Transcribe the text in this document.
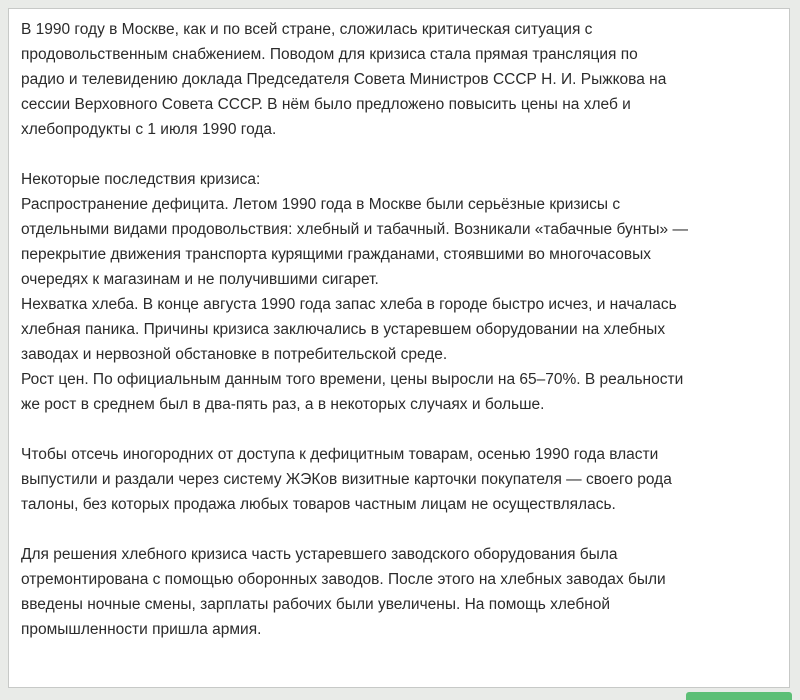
В 1990 году в Москве, как и по всей стране, сложилась критическая ситуация с
продовольственным снабжением. Поводом для кризиса стала прямая трансляция по
радио и телевидению доклада Председателя Совета Министров СССР Н. И. Рыжкова на
сессии Верховного Совета СССР. В нём было предложено повысить цены на хлеб и
хлебопродукты с 1 июля 1990 года.
Некоторые последствия кризиса:
Распространение дефицита. Летом 1990 года в Москве были серьёзные кризисы с
отдельными видами продовольствия: хлебный и табачный. Возникали «табачные бунты» —
перекрытие движения транспорта курящими гражданами, стоявшими во многочасовых
очередях к магазинам и не получившими сигарет.
Нехватка хлеба. В конце августа 1990 года запас хлеба в городе быстро исчез, и началась
хлебная паника. Причины кризиса заключались в устаревшем оборудовании на хлебных
заводах и нервозной обстановке в потребительской среде.
Рост цен. По официальным данным того времени, цены выросли на 65–70%. В реальности
же рост в среднем был в два-пять раз, а в некоторых случаях и больше.
Чтобы отсечь иногородних от доступа к дефицитным товарам, осенью 1990 года власти
выпустили и раздали через систему ЖЭКов визитные карточки покупателя — своего рода
талоны, без которых продажа любых товаров частным лицам не осуществлялась.
Для решения хлебного кризиса часть устаревшего заводского оборудования была
отремонтирована с помощью оборонных заводов. После этого на хлебных заводах были
введены ночные смены, зарплаты рабочих были увеличены. На помощь хлебной
промышленности пришла армия.
